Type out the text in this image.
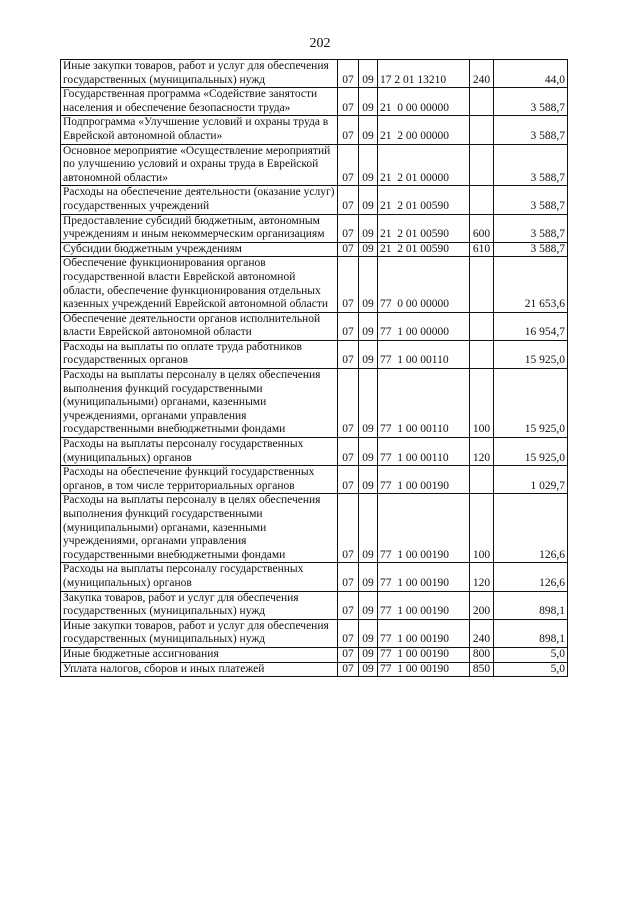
202
Иные закупки товаров, работ и услуг для обеспечения государственных (муниципальных) нужд	07	09	17 2 01 13210	240	44,0
Государственная программа «Содействие занятости населения и обеспечение безопасности труда»	07	09	21  0 00 00000		3 588,7
Подпрограмма «Улучшение условий и охраны труда в Еврейской автономной области»	07	09	21  2 00 00000		3 588,7
Основное мероприятие «Осуществление мероприятий по улучшению условий и охраны труда в Еврейской автономной области»	07	09	21  2 01 00000		3 588,7
Расходы на обеспечение деятельности (оказание услуг) государственных учреждений	07	09	21  2 01 00590		3 588,7
Предоставление субсидий бюджетным, автономным учреждениям и иным некоммерческим организациям	07	09	21  2 01 00590	600	3 588,7
Субсидии бюджетным учреждениям	07	09	21  2 01 00590	610	3 588,7
Обеспечение функционирования органов государственной власти Еврейской автономной области, обеспечение функционирования отдельных казенных учреждений Еврейской автономной области	07	09	77  0 00 00000		21 653,6
Обеспечение деятельности органов исполнительной власти Еврейской автономной области	07	09	77  1 00 00000		16 954,7
Расходы на выплаты по оплате труда работников государственных органов	07	09	77  1 00 00110		15 925,0
Расходы на выплаты персоналу в целях обеспечения выполнения функций государственными (муниципальными) органами, казенными учреждениями, органами управления государственными внебюджетными фондами	07	09	77  1 00 00110	100	15 925,0
Расходы на выплаты персоналу государственных (муниципальных) органов	07	09	77  1 00 00110	120	15 925,0
Расходы на обеспечение функций государственных органов, в том числе территориальных органов	07	09	77  1 00 00190		1 029,7
Расходы на выплаты персоналу в целях обеспечения выполнения функций государственными (муниципальными) органами, казенными учреждениями, органами управления государственными внебюджетными фондами	07	09	77  1 00 00190	100	126,6
Расходы на выплаты персоналу государственных (муниципальных) органов	07	09	77  1 00 00190	120	126,6
Закупка товаров, работ и услуг для обеспечения государственных (муниципальных) нужд	07	09	77  1 00 00190	200	898,1
Иные закупки товаров, работ и услуг для обеспечения государственных (муниципальных) нужд	07	09	77  1 00 00190	240	898,1
Иные бюджетные ассигнования	07	09	77  1 00 00190	800	5,0
Уплата налогов, сборов и иных платежей	07	09	77  1 00 00190	850	5,0
